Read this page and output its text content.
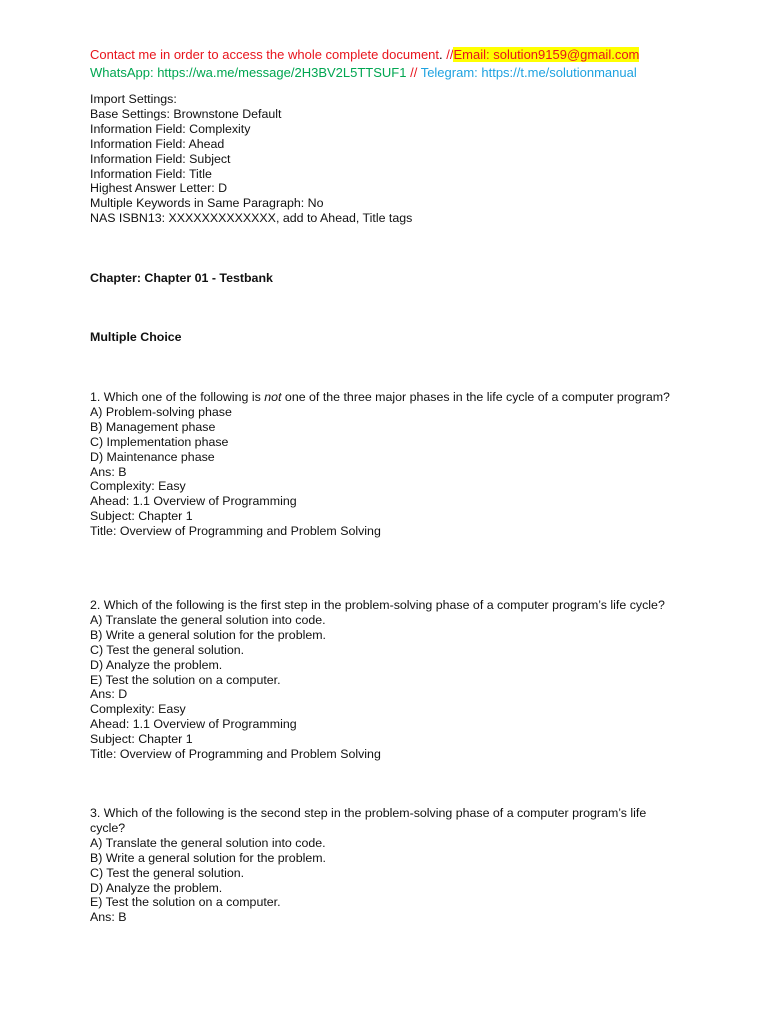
Contact me in order to access the whole complete document. //Email: solution9159@gmail.com
WhatsApp: https://wa.me/message/2H3BV2L5TTSUF1 // Telegram: https://t.me/solutionmanual
Import Settings:
Base Settings: Brownstone Default
Information Field: Complexity
Information Field: Ahead
Information Field: Subject
Information Field: Title
Highest Answer Letter: D
Multiple Keywords in Same Paragraph: No
NAS ISBN13: XXXXXXXXXXXXX, add to Ahead, Title tags
Chapter: Chapter 01 - Testbank
Multiple Choice
1. Which one of the following is not one of the three major phases in the life cycle of a computer program?
A) Problem-solving phase
B) Management phase
C) Implementation phase
D) Maintenance phase
Ans: B
Complexity: Easy
Ahead: 1.1 Overview of Programming
Subject: Chapter 1
Title: Overview of Programming and Problem Solving
2. Which of the following is the first step in the problem-solving phase of a computer program’s life cycle?
A) Translate the general solution into code.
B) Write a general solution for the problem.
C) Test the general solution.
D) Analyze the problem.
E) Test the solution on a computer.
Ans: D
Complexity: Easy
Ahead: 1.1 Overview of Programming
Subject: Chapter 1
Title: Overview of Programming and Problem Solving
3. Which of the following is the second step in the problem-solving phase of a computer program’s life
cycle?
A) Translate the general solution into code.
B) Write a general solution for the problem.
C) Test the general solution.
D) Analyze the problem.
E) Test the solution on a computer.
Ans: B
